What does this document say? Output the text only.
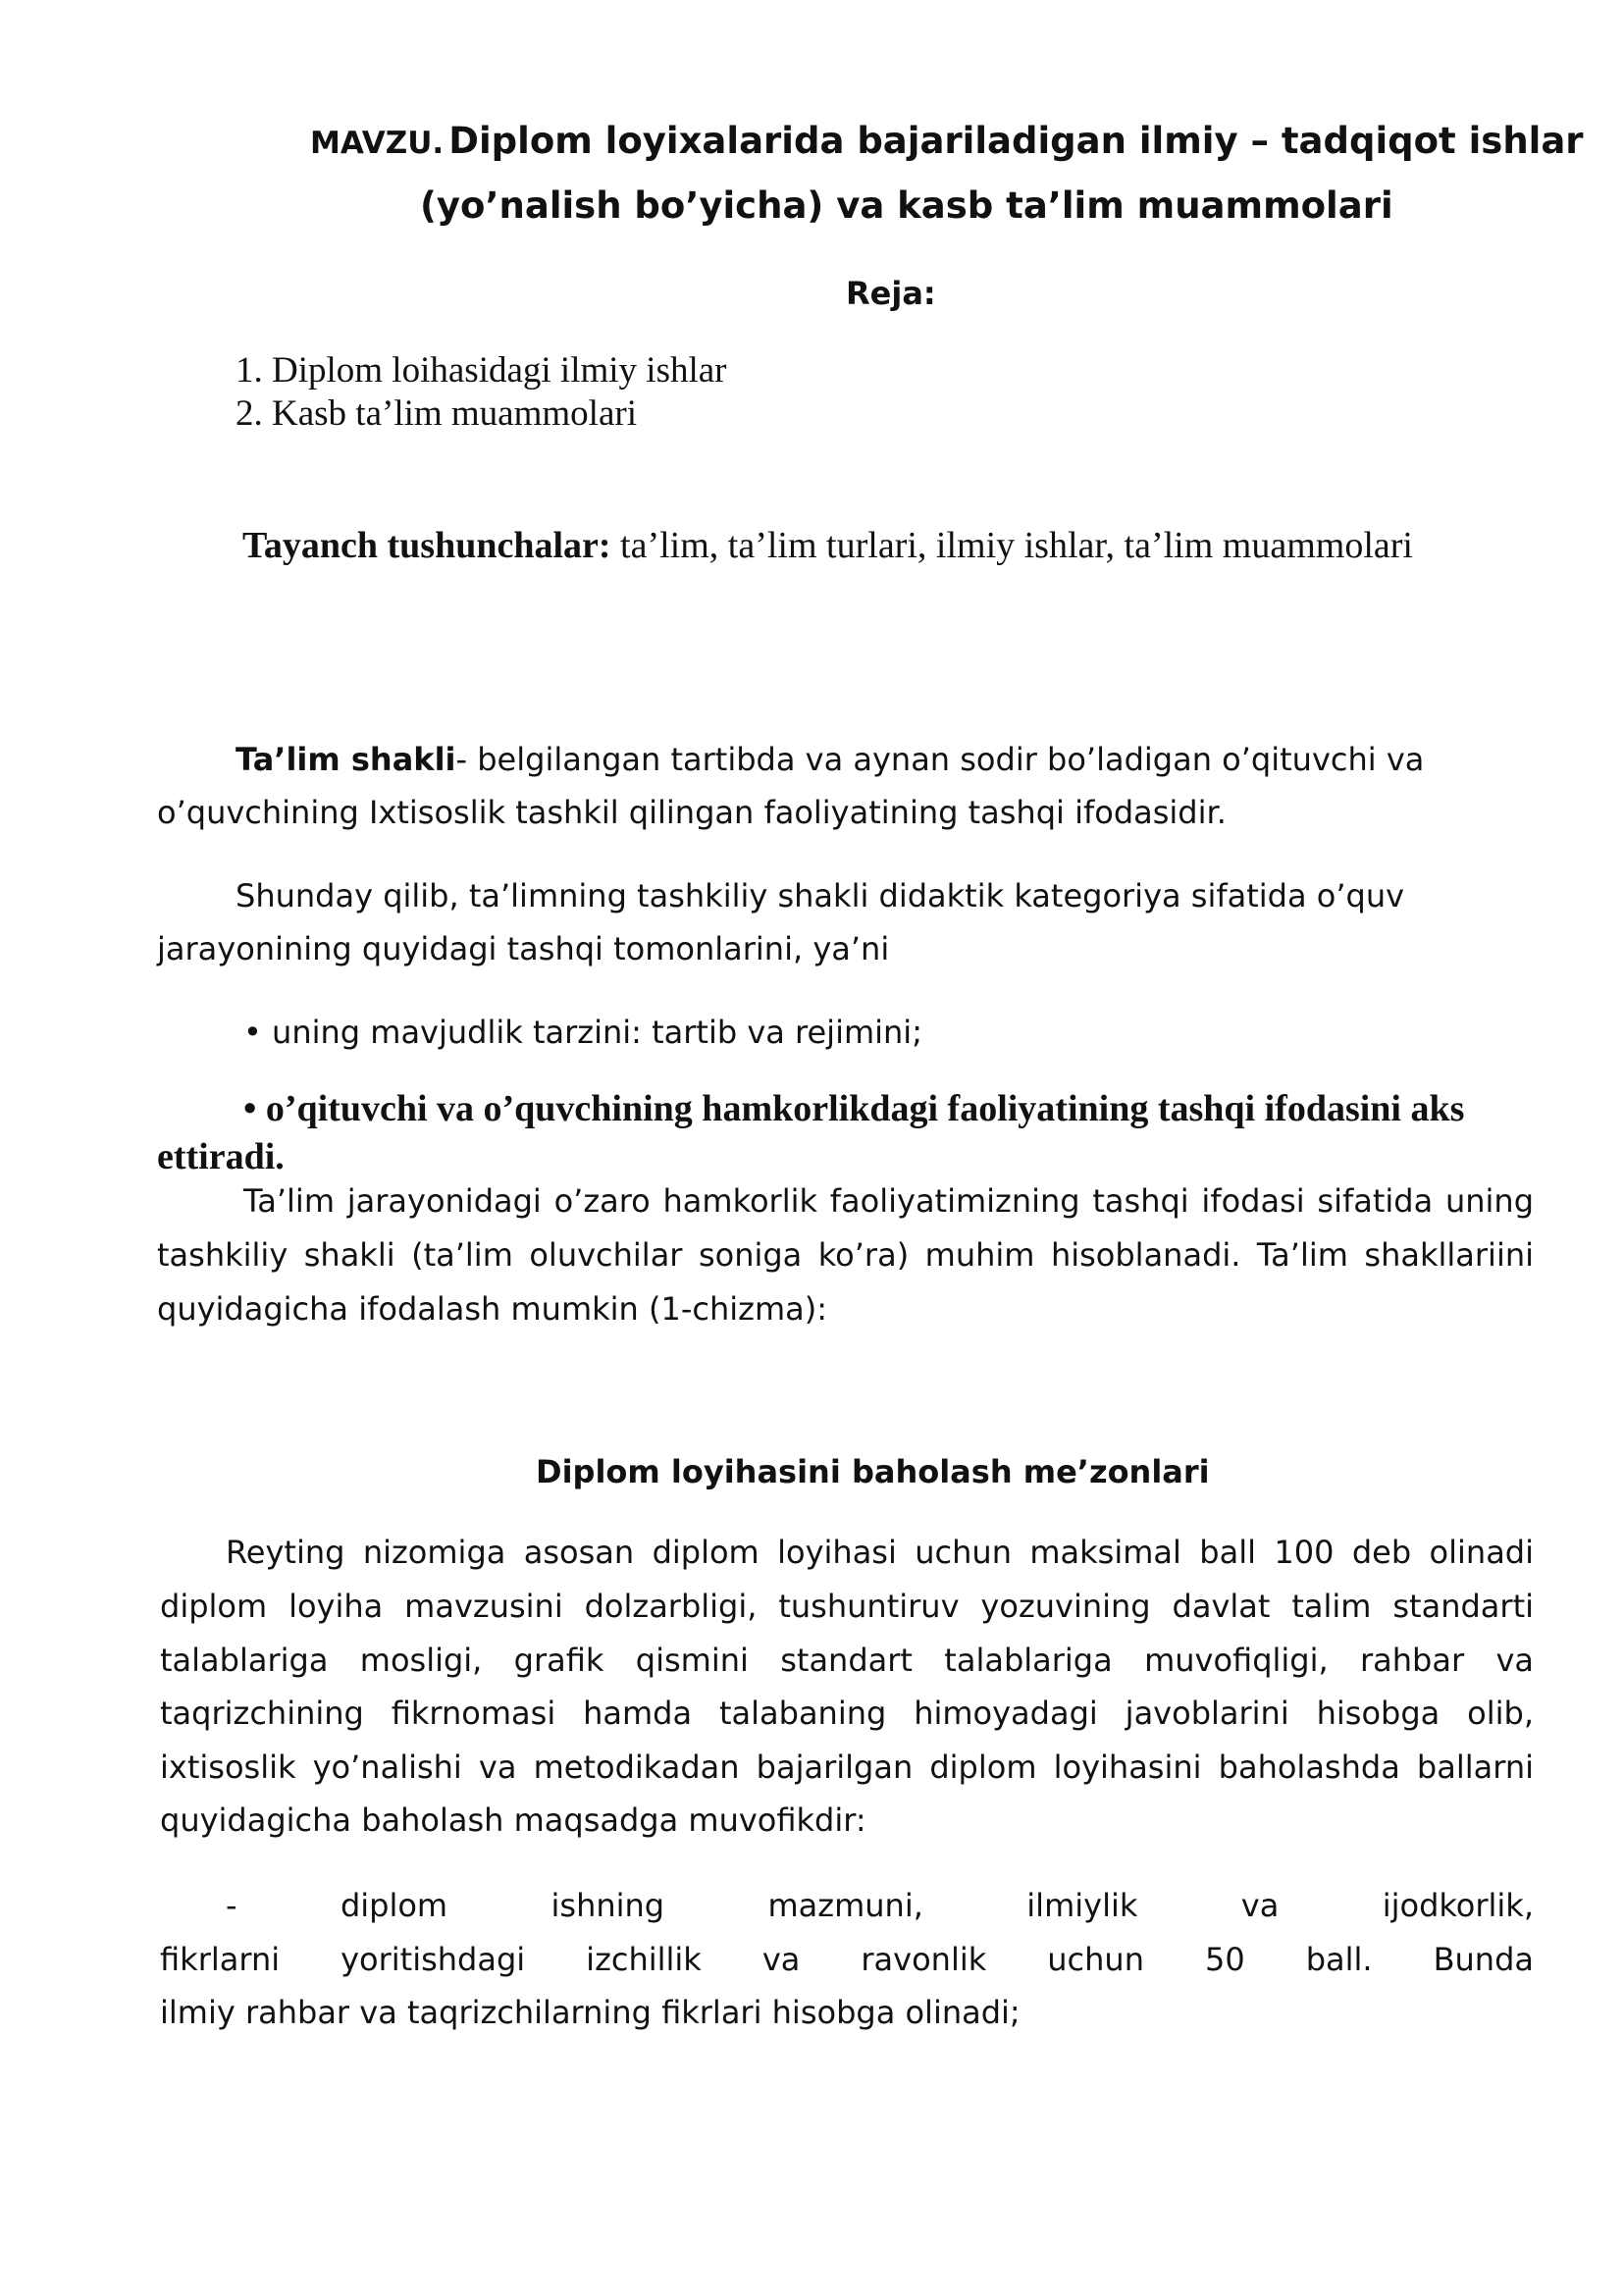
MAVZU. Diplom loyixalarida bajariladigan ilmiy – tadqiqot ishlar
(yo’nalish bo’yicha) va kasb ta’lim muammolari
Reja:
1. Diplom loihasidagi ilmiy ishlar
2. Kasb ta’lim muammolari
Tayanch tushunchalar: ta’lim, ta’lim turlari, ilmiy ishlar, ta’lim muammolari
Ta’lim shakli- belgilangan tartibda va aynan sodir bo’ladigan o’qituvchi va
o’quvchining Ixtisoslik tashkil qilingan faoliyatining tashqi ifodasidir.
Shunday qilib, ta’limning tashkiliy shakli didaktik kategoriya sifatida o’quv
jarayonining quyidagi tashqi tomonlarini, ya’ni
• uning mavjudlik tarzini: tartib va rejimini;
• o’qituvchi va o’quvchining hamkorlikdagi faoliyatining tashqi ifodasini aks
ettiradi.
Ta’lim jarayonidagi o’zaro hamkorlik faoliyatimizning tashqi ifodasi sifatida uning
tashkiliy shakli (ta’lim oluvchilar soniga ko’ra) muhim hisoblanadi. Ta’lim shakllariini
quyidagicha ifodalash mumkin (1-chizma):
Diplom loyihasini baholash me’zonlari
Reyting nizomiga asosan diplom loyihasi uchun maksimal ball 100 deb olinadi
diplom loyiha mavzusini dolzarbligi, tushuntiruv yozuvining davlat talim standarti
talablariga mosligi, grafik qismini standart talablariga muvofiqligi, rahbar va
taqrizchining fikrnomasi hamda talabaning himoyadagi javoblarini hisobga olib,
ixtisoslik yo’nalishi va metodikadan bajarilgan diplom loyihasini baholashda ballarni
quyidagicha baholash maqsadga muvofikdir:
- diplom ishning mazmuni, ilmiylik va ijodkorlik,
fikrlarni yoritishdagi izchillik va ravonlik uchun 50 ball. Bunda
ilmiy rahbar va taqrizchilarning fikrlari hisobga olinadi;
